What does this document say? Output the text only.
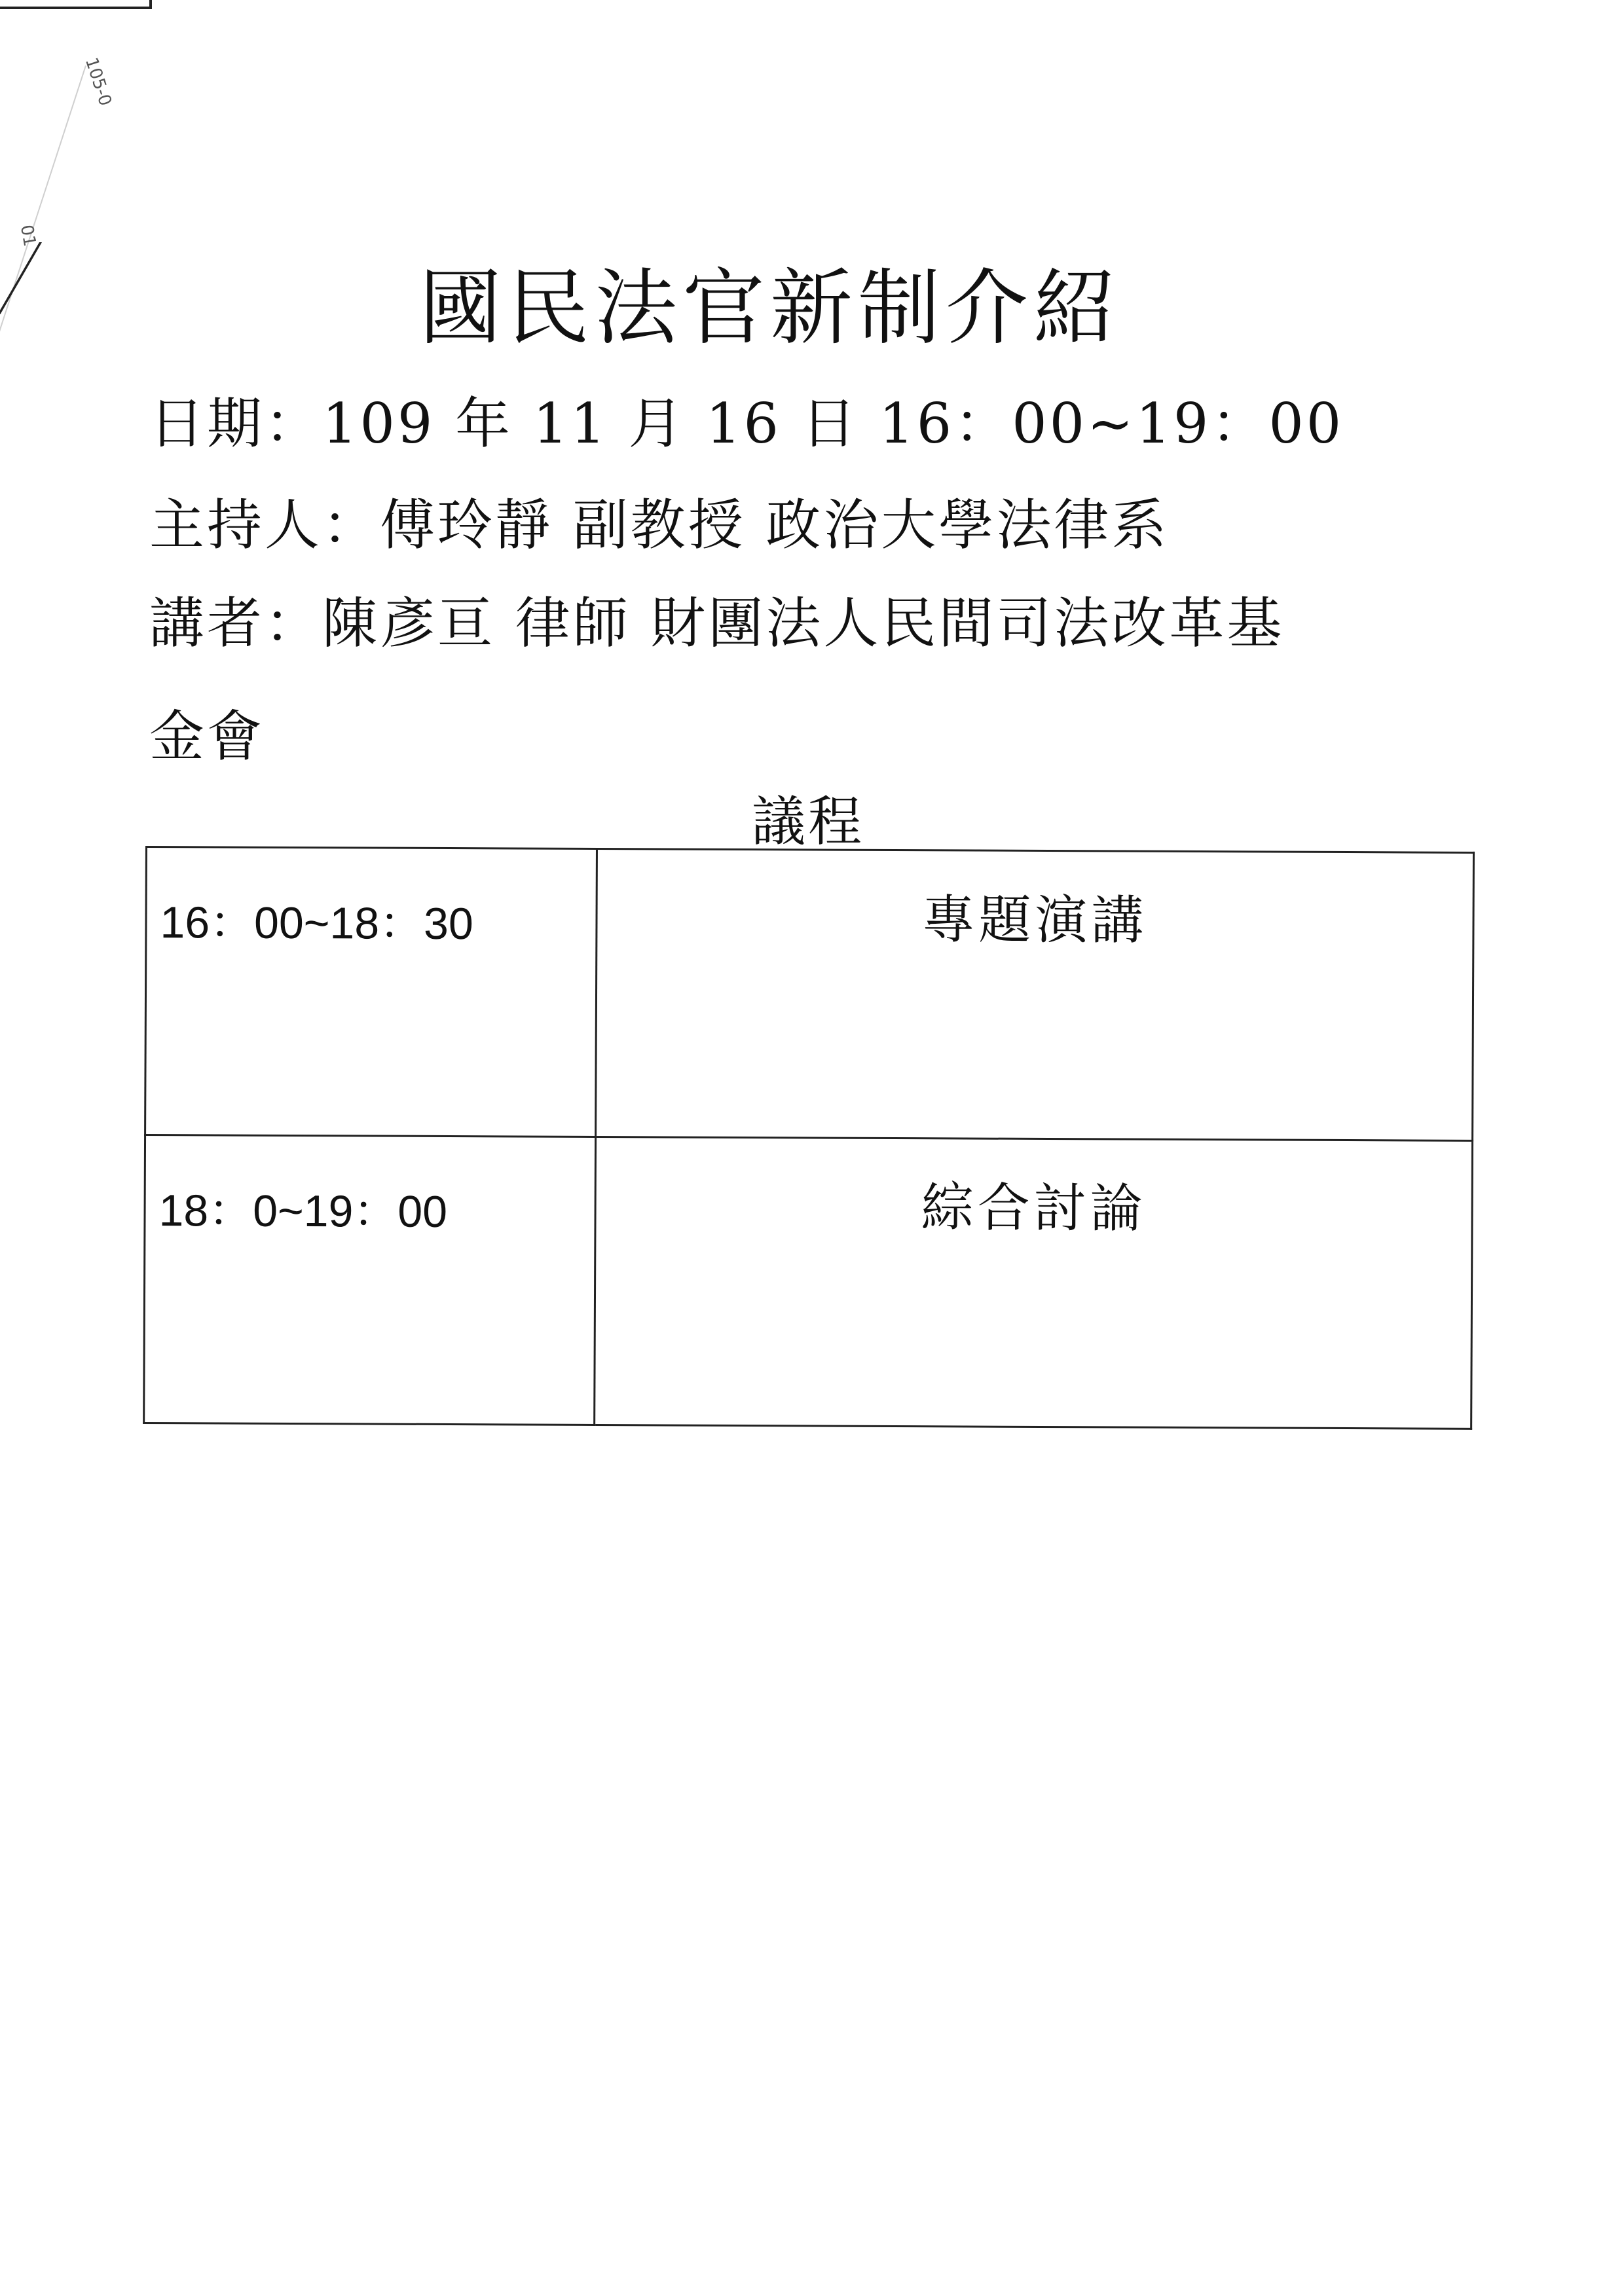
105-0
01
國民法官新制介紹
日期：109 年 11 月 16 日 16：00~19：00
主持人：傅玲靜 副教授 政治大學法律系
講者：陳彥亘 律師 財團法人民間司法改革基
金會
議程
16：00~18：30	專題演講
18：0~19：00	綜合討論
